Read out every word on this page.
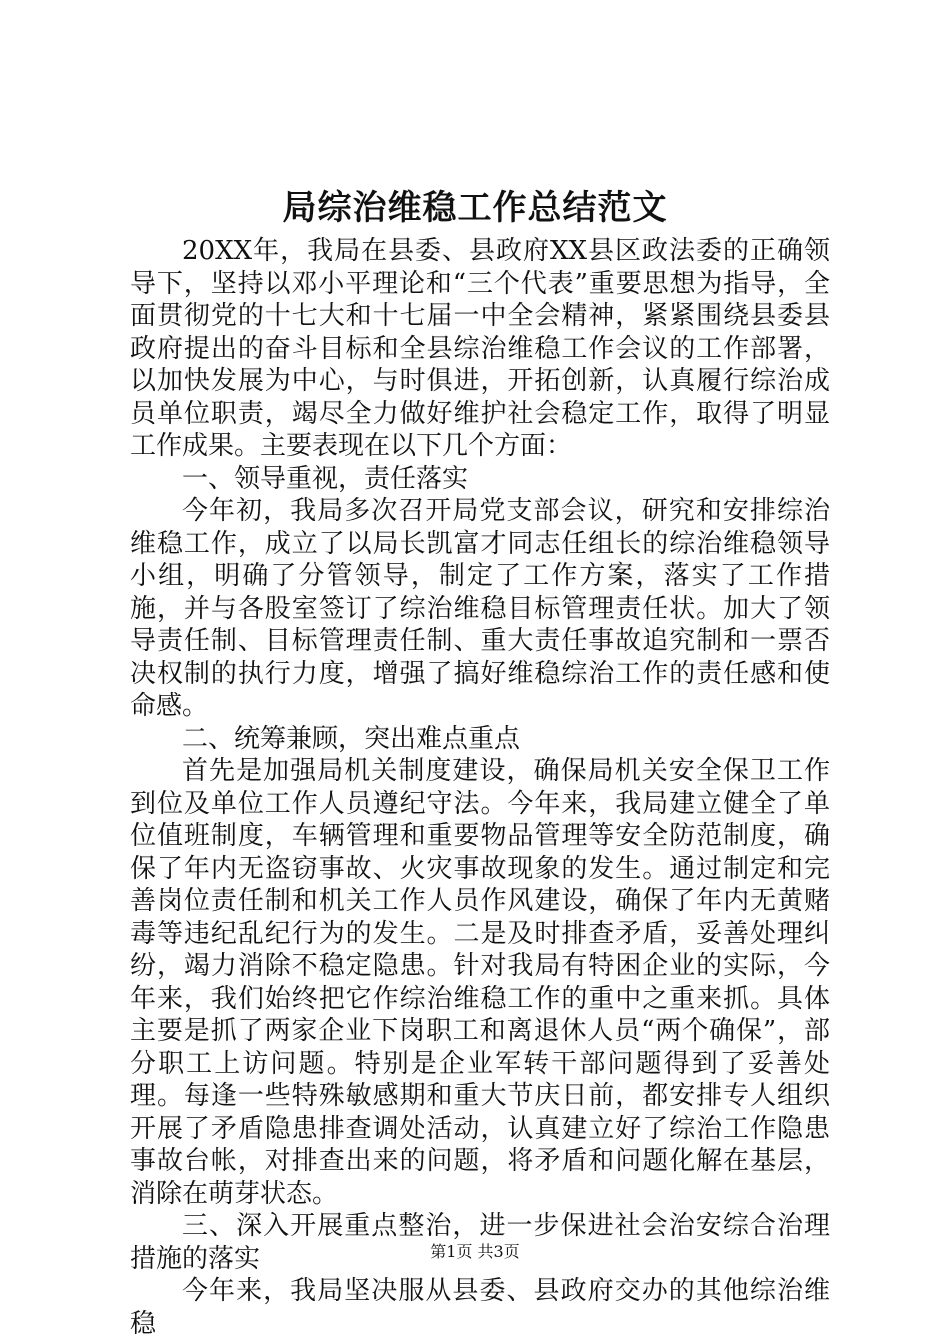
局综治维稳工作总结范文

20XX年，我局在县委、县政府XX县区政法委的正确领导下，坚持以邓小平理论和“三个代表”重要思想为指导，全面贯彻党的十七大和十七届一中全会精神，紧紧围绕县委县政府提出的奋斗目标和全县综治维稳工作会议的工作部署，以加快发展为中心，与时俱进，开拓创新，认真履行综治成员单位职责，竭尽全力做好维护社会稳定工作，取得了明显工作成果。主要表现在以下几个方面：

一、领导重视，责任落实

今年初，我局多次召开局党支部会议，研究和安排综治维稳工作，成立了以局长凯富才同志任组长的综治维稳领导小组，明确了分管领导，制定了工作方案，落实了工作措施，并与各股室签订了综治维稳目标管理责任状。加大了领导责任制、目标管理责任制、重大责任事故追究制和一票否决权制的执行力度，增强了搞好维稳综治工作的责任感和使命感。

二、统筹兼顾，突出难点重点

首先是加强局机关制度建设，确保局机关安全保卫工作到位及单位工作人员遵纪守法。今年来，我局建立健全了单位值班制度，车辆管理和重要物品管理等安全防范制度，确保了年内无盗窃事故、火灾事故现象的发生。通过制定和完善岗位责任制和机关工作人员作风建设，确保了年内无黄赌毒等违纪乱纪行为的发生。二是及时排查矛盾，妥善处理纠纷，竭力消除不稳定隐患。针对我局有特困企业的实际，今年来，我们始终把它作综治维稳工作的重中之重来抓。具体主要是抓了两家企业下岗职工和离退休人员“两个确保”，部分职工上访问题。特别是企业军转干部问题得到了妥善处理。每逢一些特殊敏感期和重大节庆日前，都安排专人组织开展了矛盾隐患排查调处活动，认真建立好了综治工作隐患事故台帐，对排查出来的问题，将矛盾和问题化解在基层，消除在萌芽状态。

三、深入开展重点整治，进一步保进社会治安综合治理措施的落实

今年来，我局坚决服从县委、县政府交办的其他综治维稳

第1页 共3页
